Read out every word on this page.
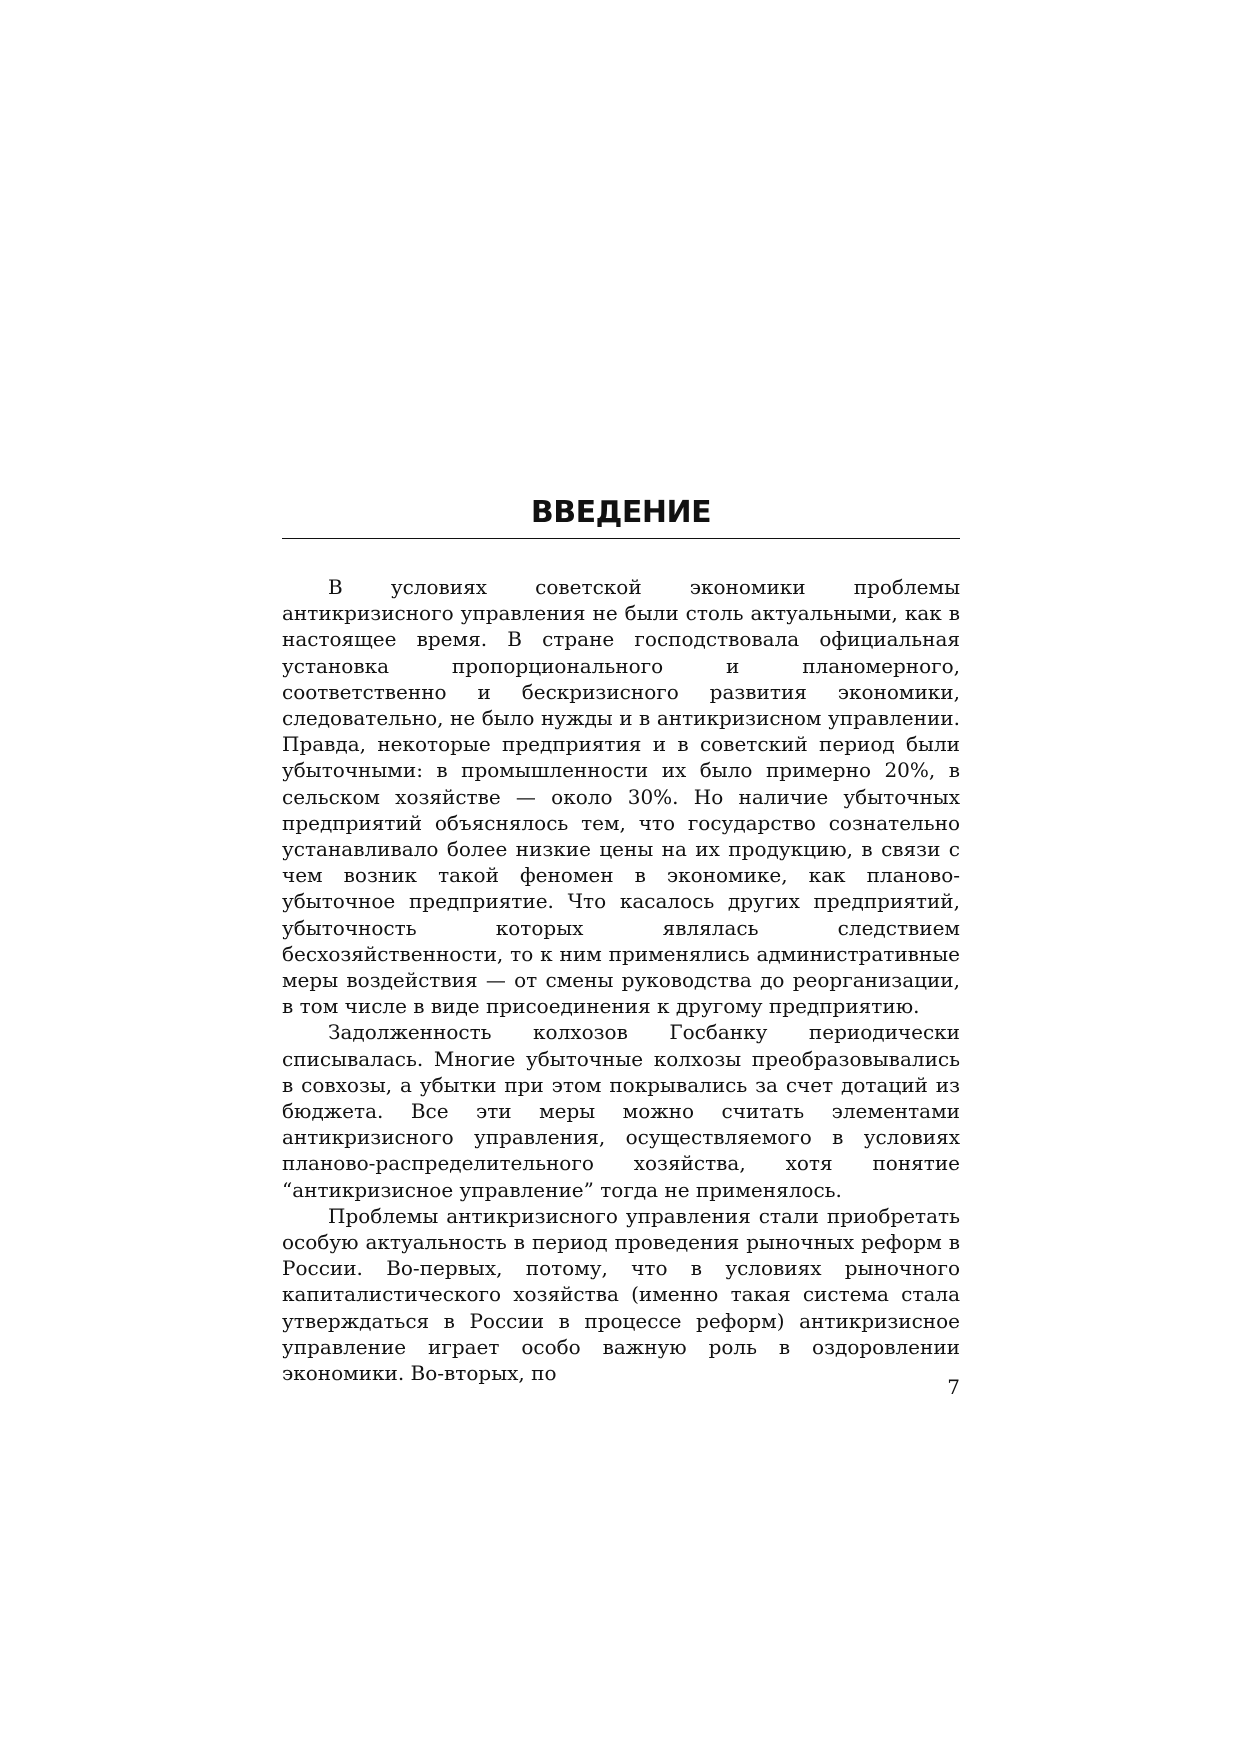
ВВЕДЕНИЕ

В условиях советской экономики проблемы антикризисного управления не были столь актуальными, как в настоящее время. В стране господствовала официальная установка пропорционального и планомерного, соответственно и бескризисного развития экономики, следовательно, не было нужды и в антикризисном управлении. Правда, некоторые предприятия и в советский период были убыточными: в промышленности их было примерно 20%, в сельском хозяйстве — около 30%. Но наличие убыточных предприятий объяснялось тем, что государство сознательно устанавливало более низкие цены на их продукцию, в связи с чем возник такой феномен в экономике, как планово-убыточное предприятие. Что касалось других предприятий, убыточность которых являлась следствием бесхозяйственности, то к ним применялись административные меры воздействия — от смены руководства до реорганизации, в том числе в виде присоединения к другому предприятию.

Задолженность колхозов Госбанку периодически списывалась. Многие убыточные колхозы преобразовывались в совхозы, а убытки при этом покрывались за счет дотаций из бюджета. Все эти меры можно считать элементами антикризисного управления, осуществляемого в условиях планово-распределительного хозяйства, хотя понятие “антикризисное управление” тогда не применялось.

Проблемы антикризисного управления стали приобретать особую актуальность в период проведения рыночных реформ в России. Во-первых, потому, что в условиях рыночного капиталистического хозяйства (именно такая система стала утверждаться в России в процессе реформ) антикризисное управление играет особо важную роль в оздоровлении экономики. Во-вторых, по

7
